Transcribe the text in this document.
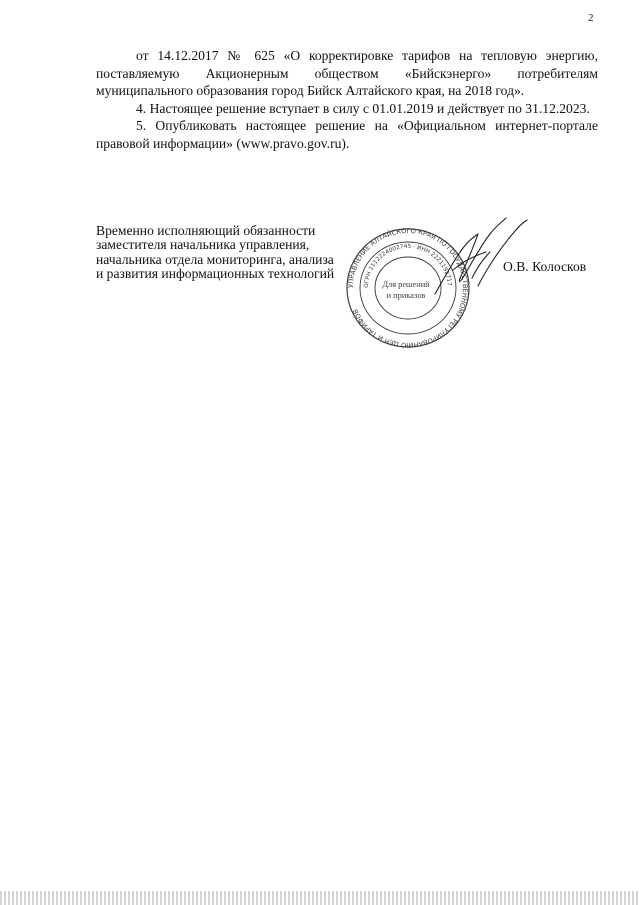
2

от 14.12.2017 № 625 «О корректировке тарифов на тепловую энергию, поставляемую Акционерным обществом «Бийскэнерго» потребителям муниципального образования город Бийск Алтайского края, на 2018 год».

4. Настоящее решение вступает в силу с 01.01.2019 и действует по 31.12.2023.

5. Опубликовать настоящее решение на «Официальном интернет-портале правовой информации» (www.pravo.gov.ru).

Временно исполняющий обязанности
заместителя начальника управления,
начальника отдела мониторинга, анализа
и развития информационных технологий
УПРАВЛЕНИЕ АЛТАЙСКОГО КРАЯ ПО ГОСУДАРСТВЕННОМУ РЕГУЛИРОВАНИЮ ЦЕН И ТАРИФОВ
ОГРН 1112224002745 · ИНН 2221192717
Для решений
и приказов
О.В. Колосков
